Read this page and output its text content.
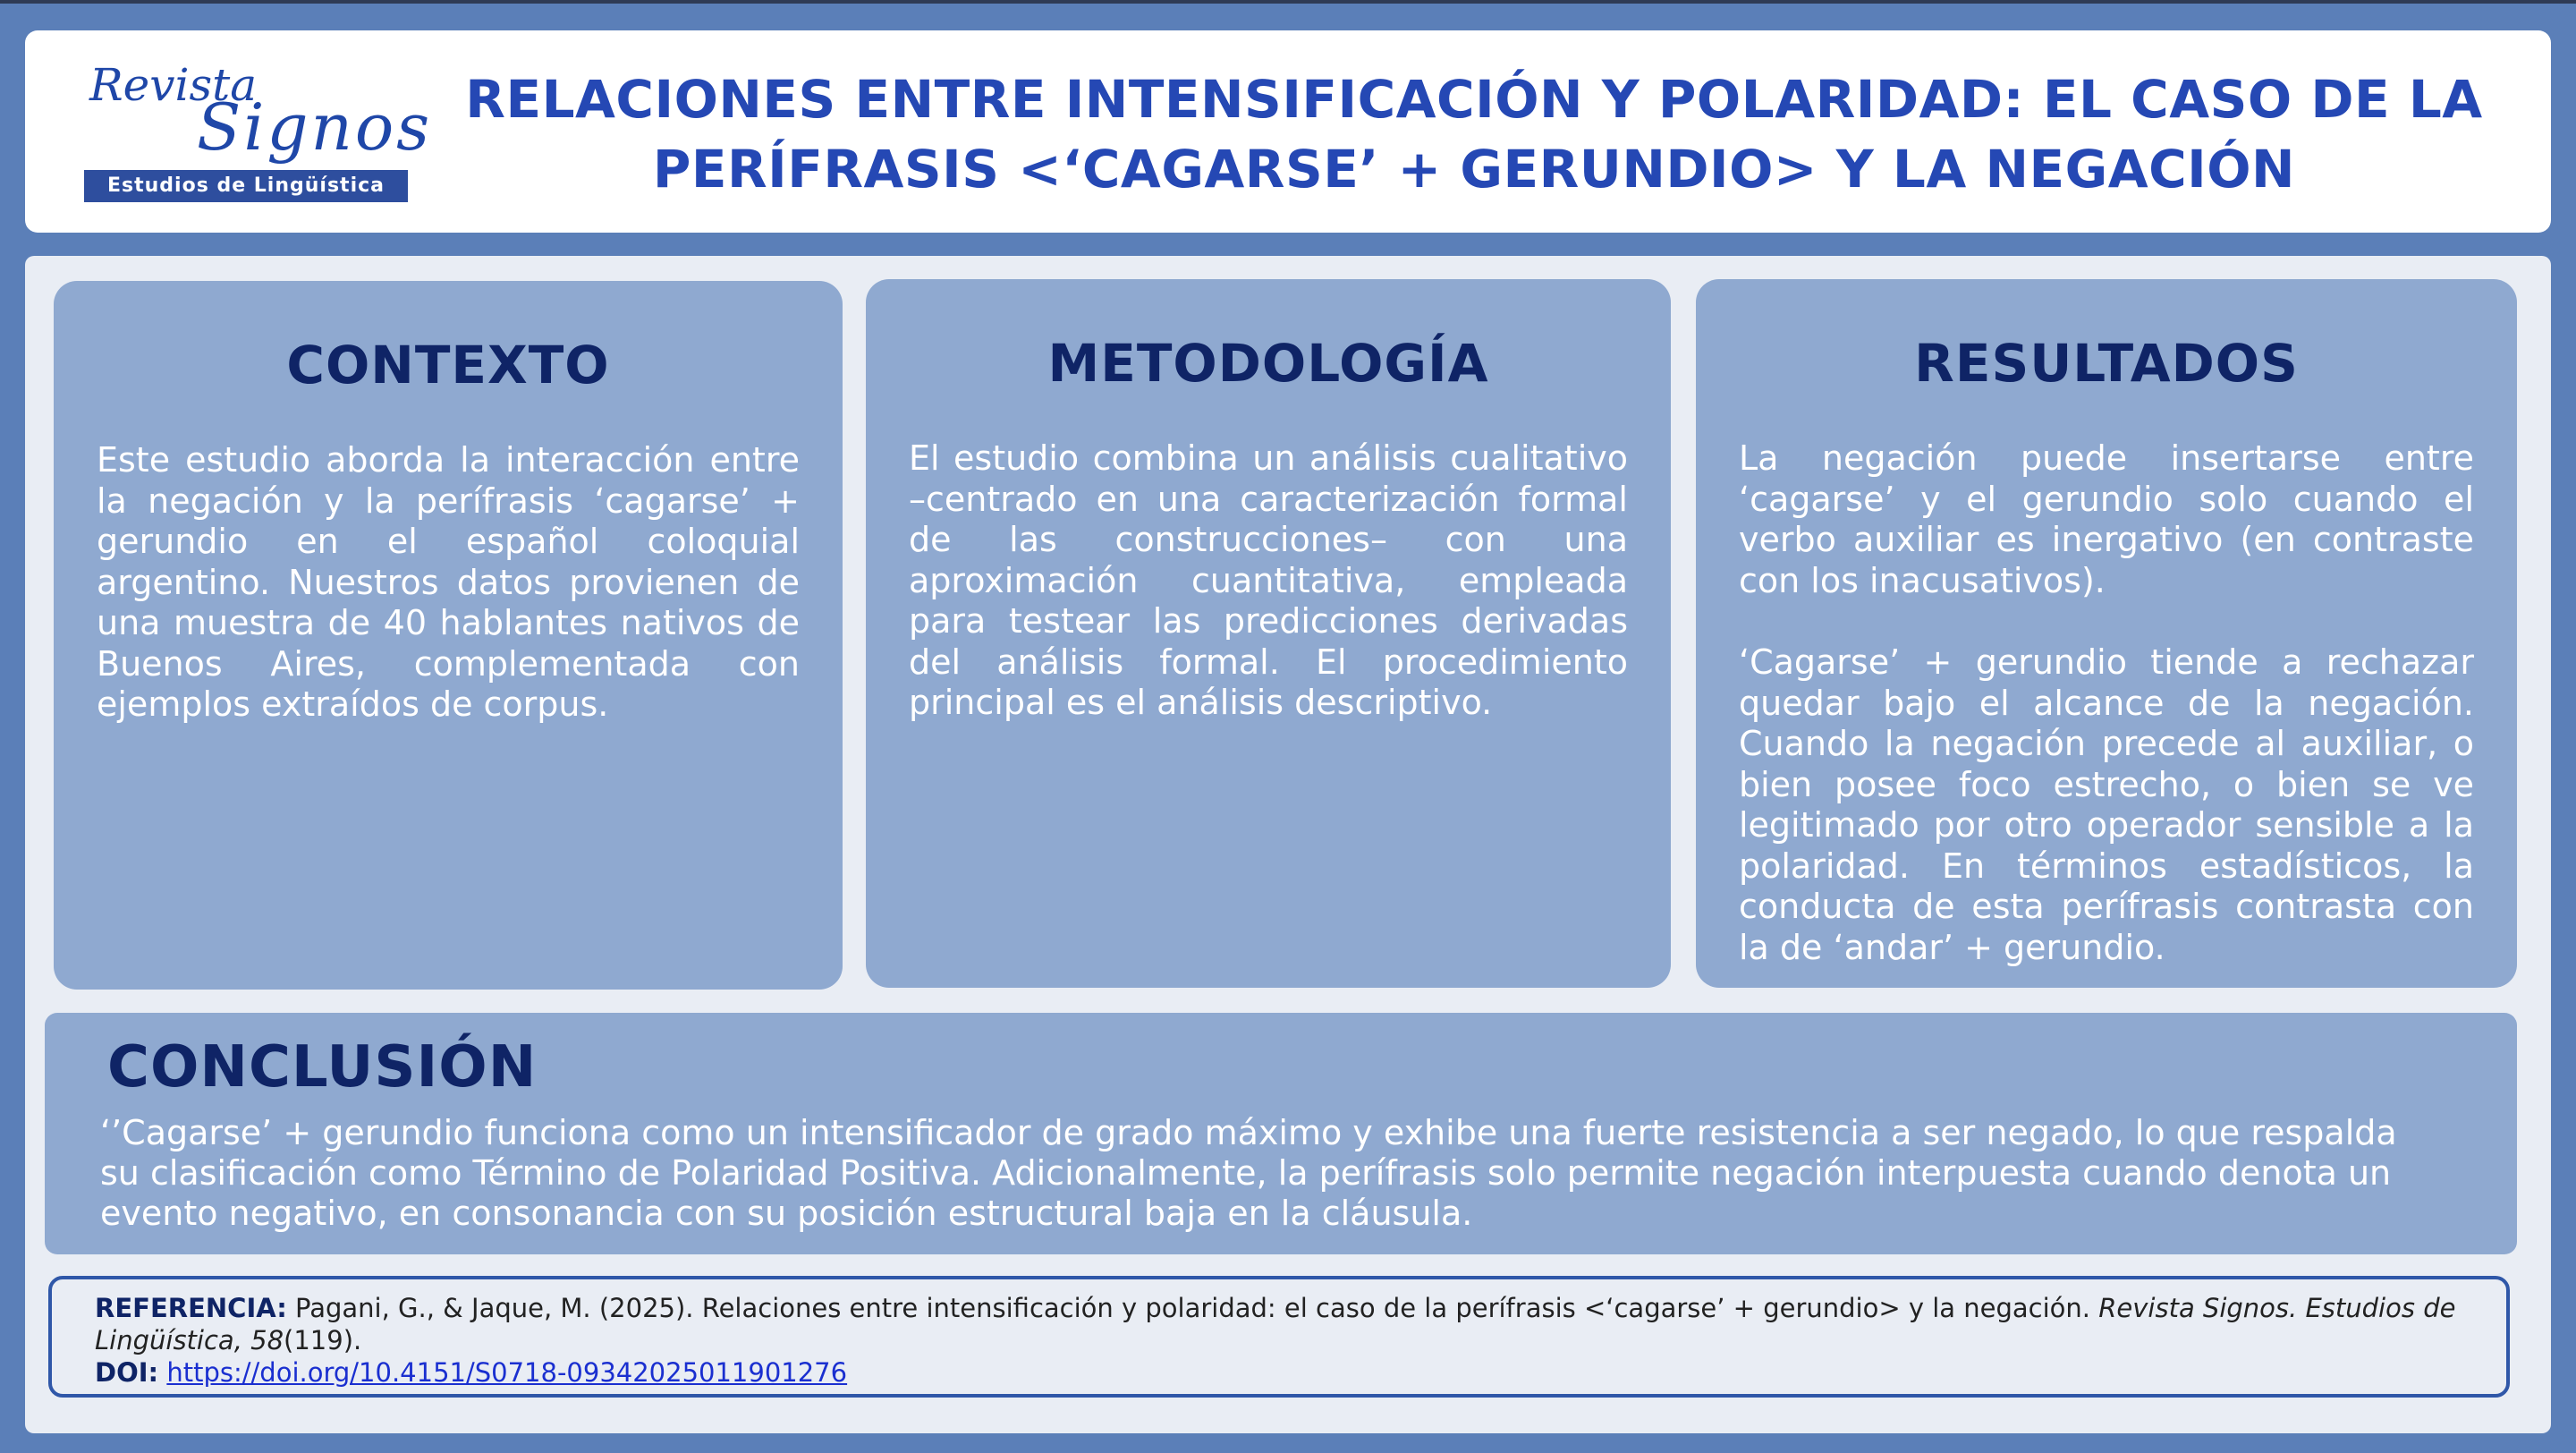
Revista
Signos
Estudios de Lingüística
RELACIONES ENTRE INTENSIFICACIÓN Y POLARIDAD: EL CASO DE LA PERÍFRASIS <‘CAGARSE’ + GERUNDIO> Y LA NEGACIÓN
CONTEXTO

Este estudio aborda la interacción entre la negación y la perífrasis ‘cagarse’ + gerundio en el español coloquial argentino. Nuestros datos provienen de una muestra de 40 hablantes nativos de Buenos Aires, complementada con ejemplos extraídos de corpus.

METODOLOGÍA

El estudio combina un análisis cualitativo –centrado en una caracterización formal de las construcciones– con una aproximación cuantitativa, empleada para testear las predicciones derivadas del análisis formal. El procedimiento principal es el análisis descriptivo.

RESULTADOS

La negación puede insertarse entre ‘cagarse’ y el gerundio solo cuando el verbo auxiliar es inergativo (en contraste con los inacusativos).

‘Cagarse’ + gerundio tiende a rechazar quedar bajo el alcance de la negación. Cuando la negación precede al auxiliar, o bien posee foco estrecho, o bien se ve legitimado por otro operador sensible a la polaridad. En términos estadísticos, la conducta de esta perífrasis contrasta con la de ‘andar’ + gerundio.

CONCLUSIÓN

‘’Cagarse’ + gerundio funciona como un intensificador de grado máximo y exhibe una fuerte resistencia a ser negado, lo que respalda su clasificación como Término de Polaridad Positiva. Adicionalmente, la perífrasis solo permite negación interpuesta cuando denota un evento negativo, en consonancia con su posición estructural baja en la cláusula.

REFERENCIA: Pagani, G., & Jaque, M. (2025). Relaciones entre intensificación y polaridad: el caso de la perífrasis <‘cagarse’ + gerundio> y la negación. Revista Signos. Estudios de Lingüística, 58(119).
DOI: https://doi.org/10.4151/S0718-09342025011901276
